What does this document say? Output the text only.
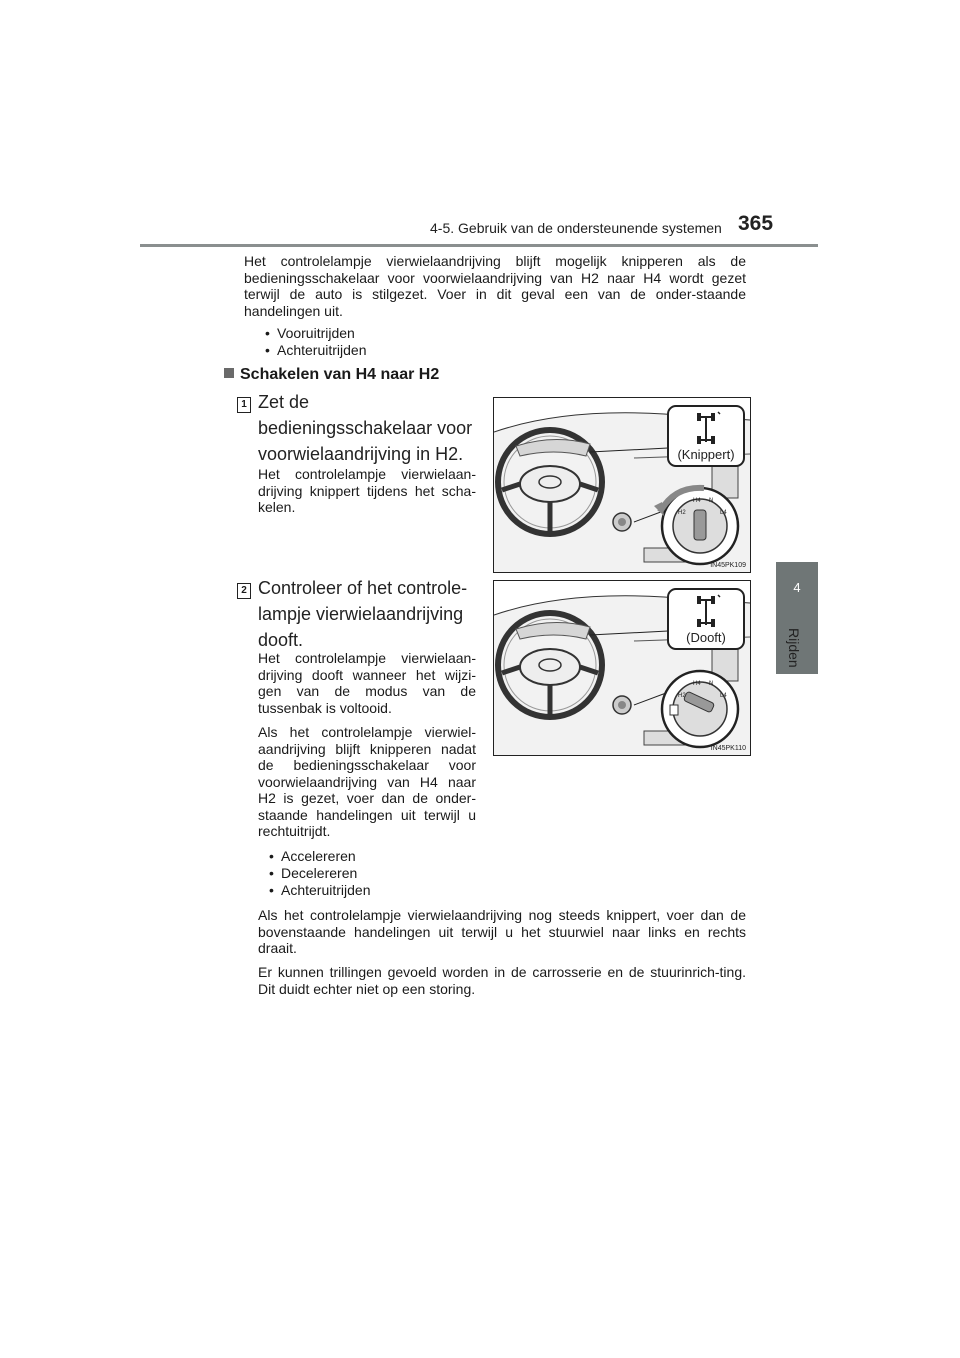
4-5. Gebruik van de ondersteunende systemen 365
4
Rijden
Het controlelampje vierwielaandrijving blijft mogelijk knipperen als de bedieningsschakelaar voor voorwielaandrijving van H2 naar H4 wordt gezet terwijl de auto is stilgezet. Voer in dit geval een van de onder-staande handelingen uit.
• Vooruitrijden
• Achteruitrijden
Schakelen van H4 naar H2
1 Zet de bedieningsschakelaar voor voorwielaandrijving in H2.
Het controlelampje vierwielaan-drijving knippert tijdens het scha-kelen.
(Knippert)
H2
H4 N
L4
IN45PK109
2 Controleer of het controle-lampje vierwielaandrijving dooft.
Het controlelampje vierwielaan-drijving dooft wanneer het wijzi-gen van de modus van de tussenbak is voltooid.
Als het controlelampje vierwiel-aandrijving blijft knipperen nadat de bedieningsschakelaar voor voorwielaandrijving van H4 naar H2 is gezet, voer dan de onder-staande handelingen uit terwijl u rechtuitrijdt.
• Accelereren
• Decelereren
• Achteruitrijden
(Dooft)
H2
H4 N
L4
IN45PK110
Als het controlelampje vierwielaandrijving nog steeds knippert, voer dan de bovenstaande handelingen uit terwijl u het stuurwiel naar links en rechts draait.
Er kunnen trillingen gevoeld worden in de carrosserie en de stuurinrich-ting. Dit duidt echter niet op een storing.
